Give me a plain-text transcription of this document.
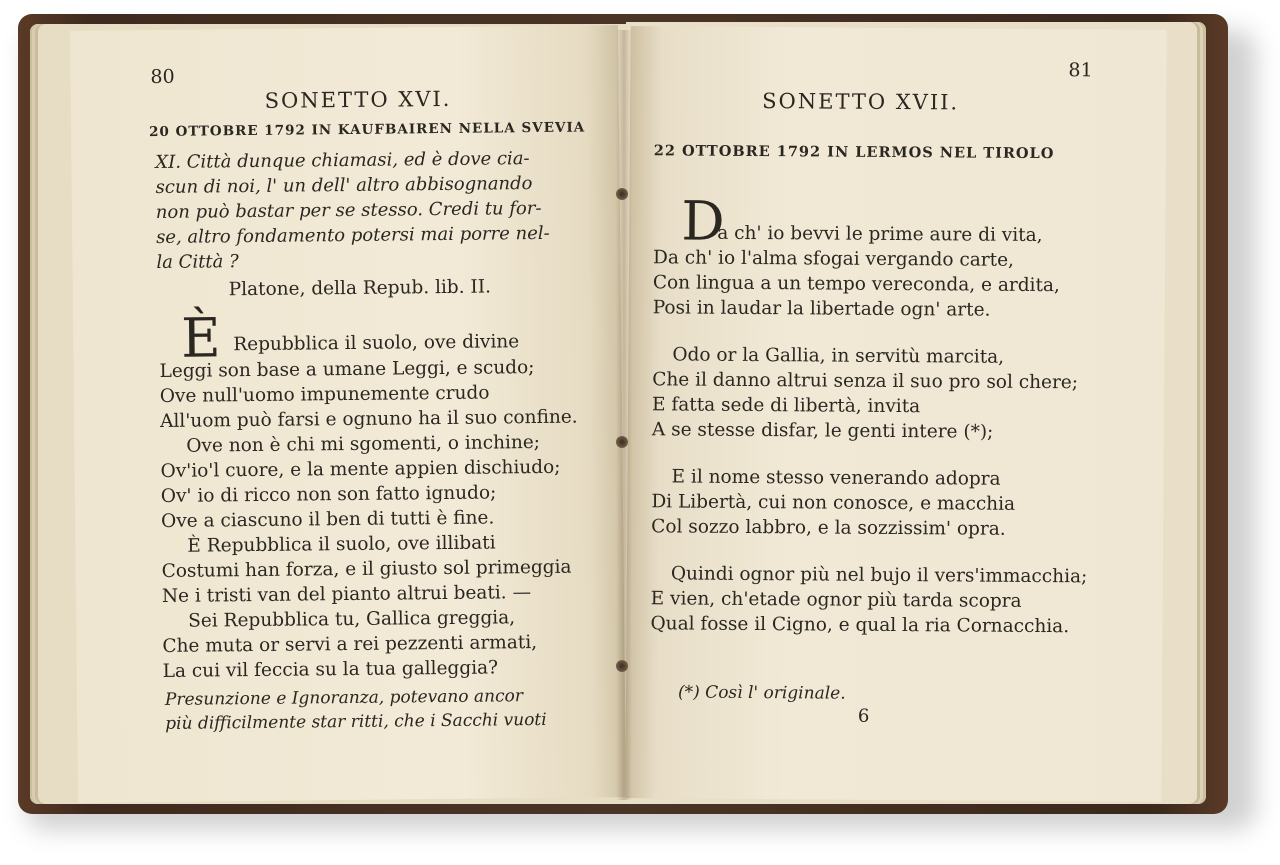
80
SONETTO XVI.
20 OTTOBRE 1792 IN KAUFBAIREN NELLA SVEVIA
XI. Città dunque chiamasi, ed è dove cia-
scun di noi, l' un dell' altro abbisognando
non può bastar per se stesso. Credi tu for-
se, altro fondamento potersi mai porre nel-
la Città ?
Platone, della Repub. lib. II.
È Repubblica il suolo, ove divine
Leggi son base a umane Leggi, e scudo;
Ove null'uomo impunemente crudo
All'uom può farsi e ognuno ha il suo confine.
Ove non è chi mi sgomenti, o inchine;
Ov'io'l cuore, e la mente appien dischiudo;
Ov' io di ricco non son fatto ignudo;
Ove a ciascuno il ben di tutti è fine.
È Repubblica il suolo, ove illibati
Costumi han forza, e il giusto sol primeggia
Ne i tristi van del pianto altrui beati. —
Sei Repubblica tu, Gallica greggia,
Che muta or servi a rei pezzenti armati,
La cui vil feccia su la tua galleggia?
Presunzione e Ignoranza, potevano ancor
più difficilmente star ritti, che i Sacchi vuoti
81
SONETTO XVII.
22 OTTOBRE 1792 IN LERMOS NEL TIROLO
D
a ch' io bevvi le prime aure di vita,
Da ch' io l'alma sfogai vergando carte,
Con lingua a un tempo vereconda, e ardita,
Posi in laudar la libertade ogn' arte.
Odo or la Gallia, in servitù marcita,
Che il danno altrui senza il suo pro sol chere;
E fatta sede di libertà, invita
A se stesse disfar, le genti intere (*);
E il nome stesso venerando adopra
Di Libertà, cui non conosce, e macchia
Col sozzo labbro, e la sozzissim' opra.
Quindi ognor più nel bujo il vers'immacchia;
E vien, ch'etade ognor più tarda scopra
Qual fosse il Cigno, e qual la ria Cornacchia.
(*) Così l' originale.
6
